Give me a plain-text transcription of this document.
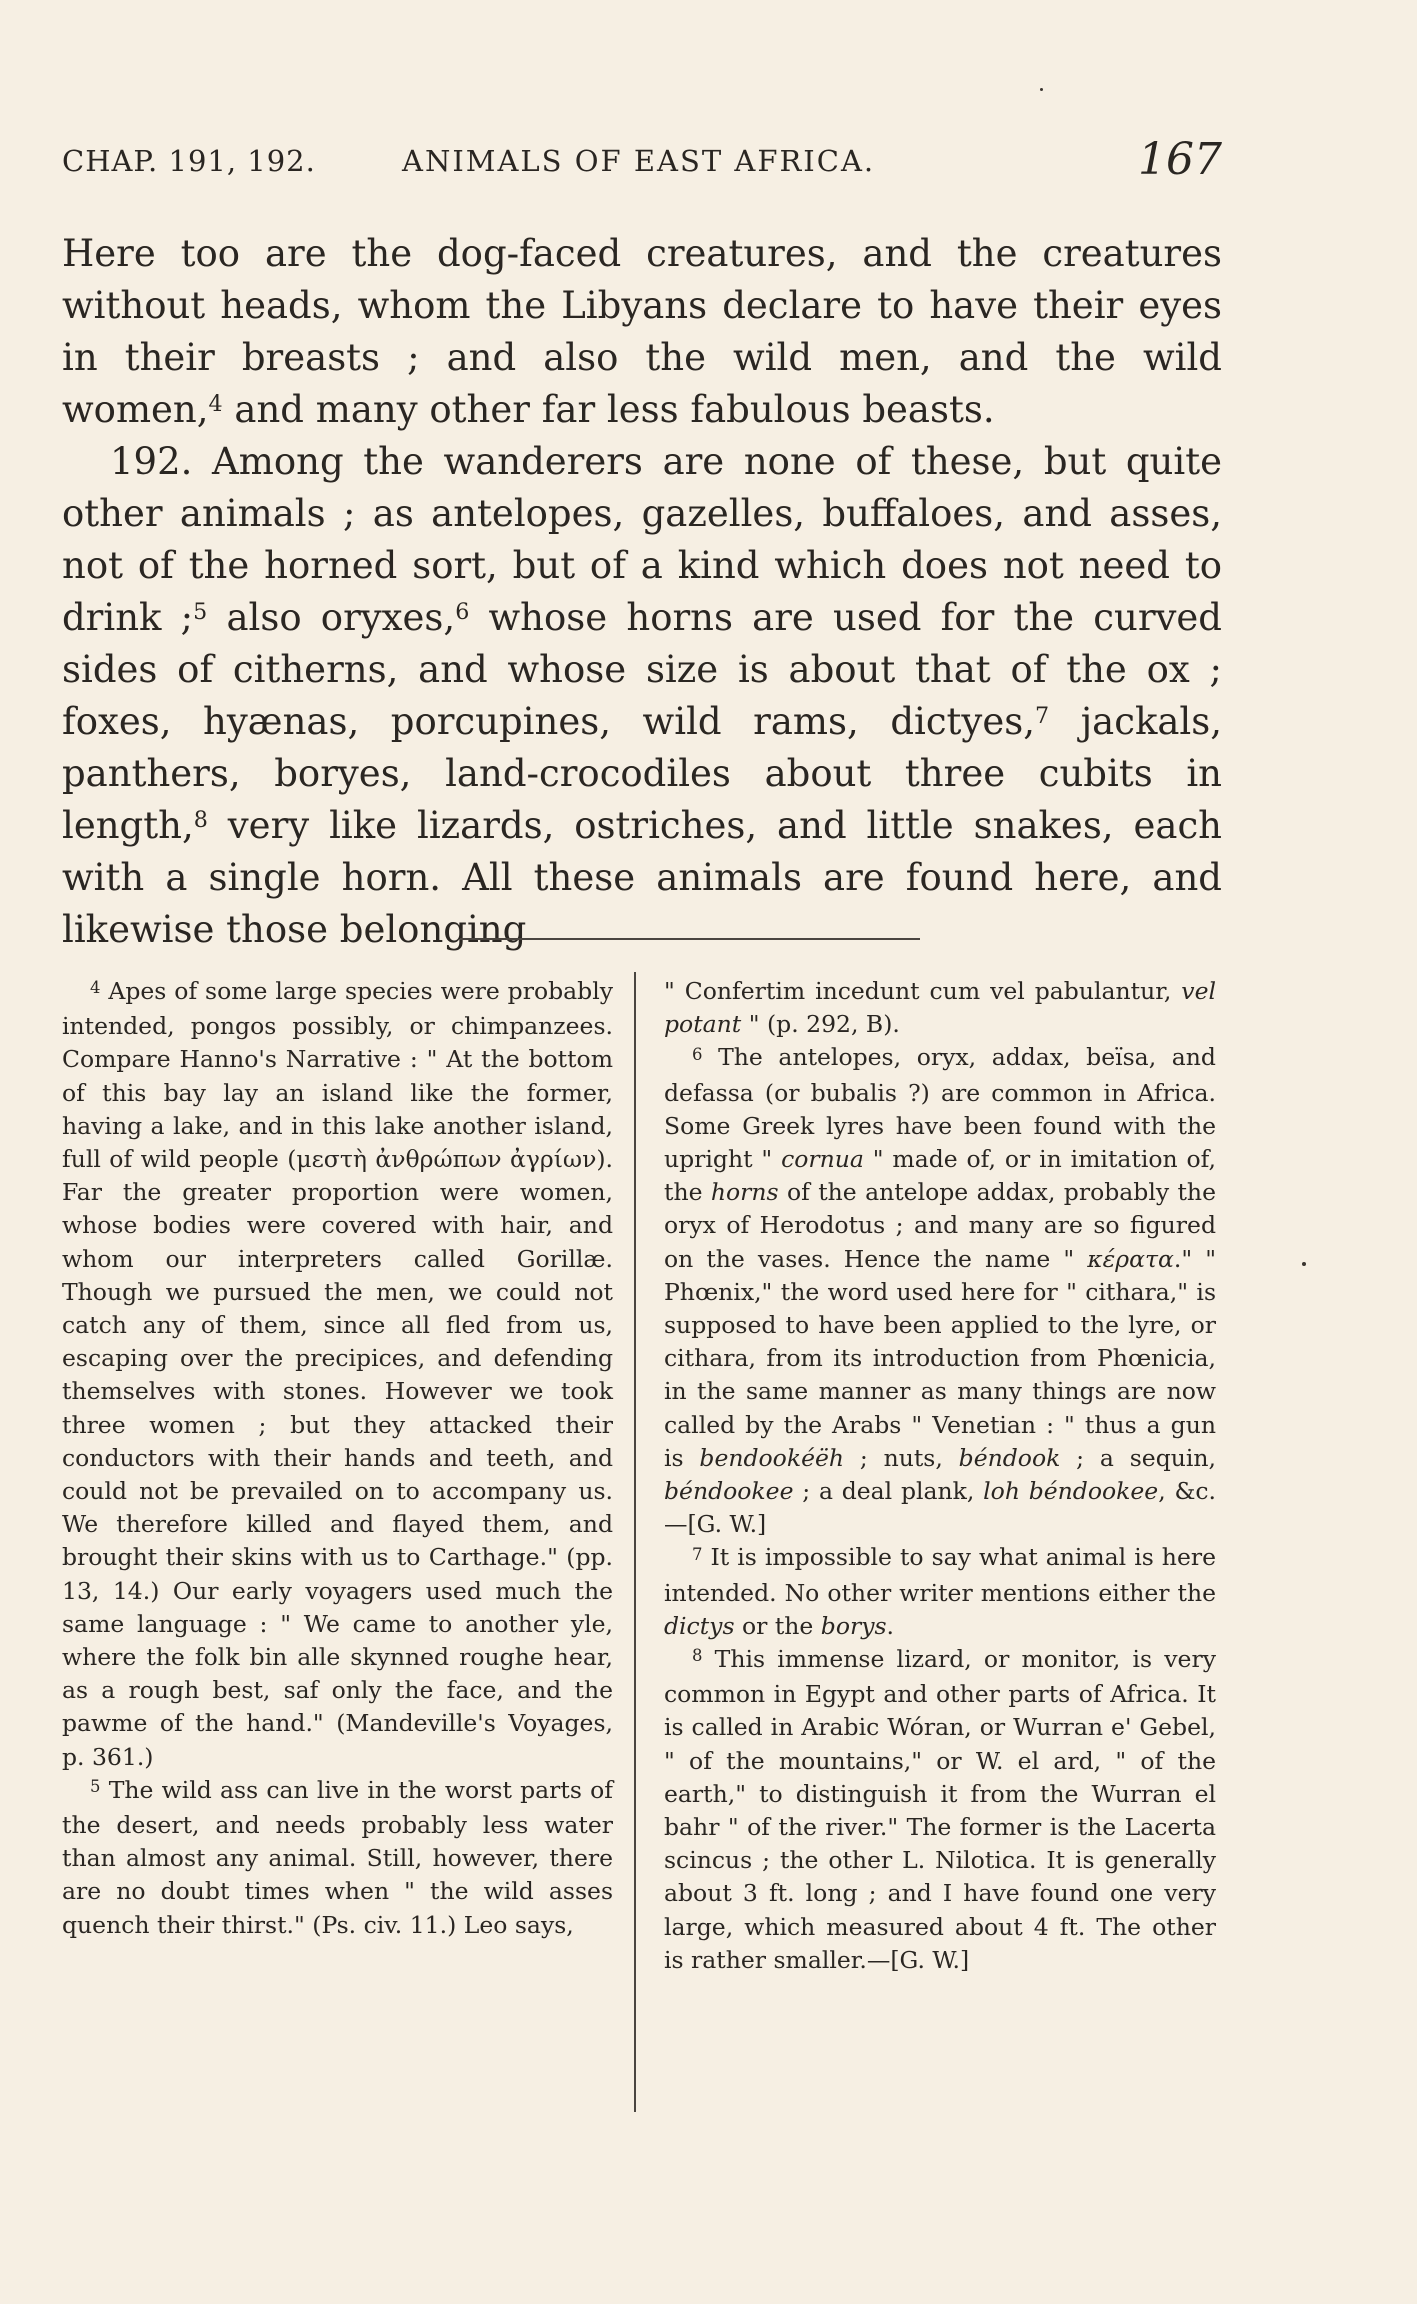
CHAP. 191, 192.	ANIMALS OF EAST AFRICA.	167

Here too are the dog-faced creatures, and the creatures without heads, whom the Libyans declare to have their eyes in their breasts ; and also the wild men, and the wild women,$^4$ and many other far less fabulous beasts.

192. Among the wanderers are none of these, but quite other animals ; as antelopes, gazelles, buffaloes, and asses, not of the horned sort, but of a kind which does not need to drink ;$^5$ also oryxes,$^6$ whose horns are used for the curved sides of citherns, and whose size is about that of the ox ; foxes, hyænas, porcupines, wild rams, dictyes,$^7$ jackals, panthers, boryes, land-crocodiles about three cubits in length,$^8$ very like lizards, ostriches, and little snakes, each with a single horn. All these animals are found here, and likewise those belonging

$^4$ Apes of some large species were probably intended, pongos possibly, or chimpanzees. Compare Hanno's Narrative : " At the bottom of this bay lay an island like the former, having a lake, and in this lake another island, full of wild people (μεστὴ ἀνθρώπων ἀγρίων). Far the greater proportion were women, whose bodies were covered with hair, and whom our interpreters called Gorillæ. Though we pursued the men, we could not catch any of them, since all fled from us, escaping over the precipices, and defending themselves with stones. However we took three women ; but they attacked their conductors with their hands and teeth, and could not be prevailed on to accompany us. We therefore killed and flayed them, and brought their skins with us to Carthage." (pp. 13, 14.) Our early voyagers used much the same language : " We came to another yle, where the folk bin alle skynned roughe hear, as a rough best, saf only the face, and the pawme of the hand." (Mandeville's Voyages, p. 361.)

$^5$ The wild ass can live in the worst parts of the desert, and needs probably less water than almost any animal. Still, however, there are no doubt times when " the wild asses quench their thirst." (Ps. civ. 11.) Leo says,

" Confertim incedunt cum vel pabulantur, vel potant " (p. 292, B).

$^6$ The antelopes, oryx, addax, beïsa, and defassa (or bubalis ?) are common in Africa. Some Greek lyres have been found with the upright " cornua " made of, or in imitation of, the horns of the antelope addax, probably the oryx of Herodotus ; and many are so figured on the vases. Hence the name " κέρατα." " Phœnix," the word used here for " cithara," is supposed to have been applied to the lyre, or cithara, from its introduction from Phœnicia, in the same manner as many things are now called by the Arabs " Venetian : " thus a gun is bendookéëh ; nuts, béndook ; a sequin, béndookee ; a deal plank, loh béndookee, &c.—[G. W.]

$^7$ It is impossible to say what animal is here intended. No other writer mentions either the dictys or the borys.

$^8$ This immense lizard, or monitor, is very common in Egypt and other parts of Africa. It is called in Arabic Wóran, or Wurran e' Gebel, " of the mountains," or W. el ard, " of the earth," to distinguish it from the Wurran el bahr " of the river." The former is the Lacerta scincus ; the other L. Nilotica. It is generally about 3 ft. long ; and I have found one very large, which measured about 4 ft. The other is rather smaller.—[G. W.]
